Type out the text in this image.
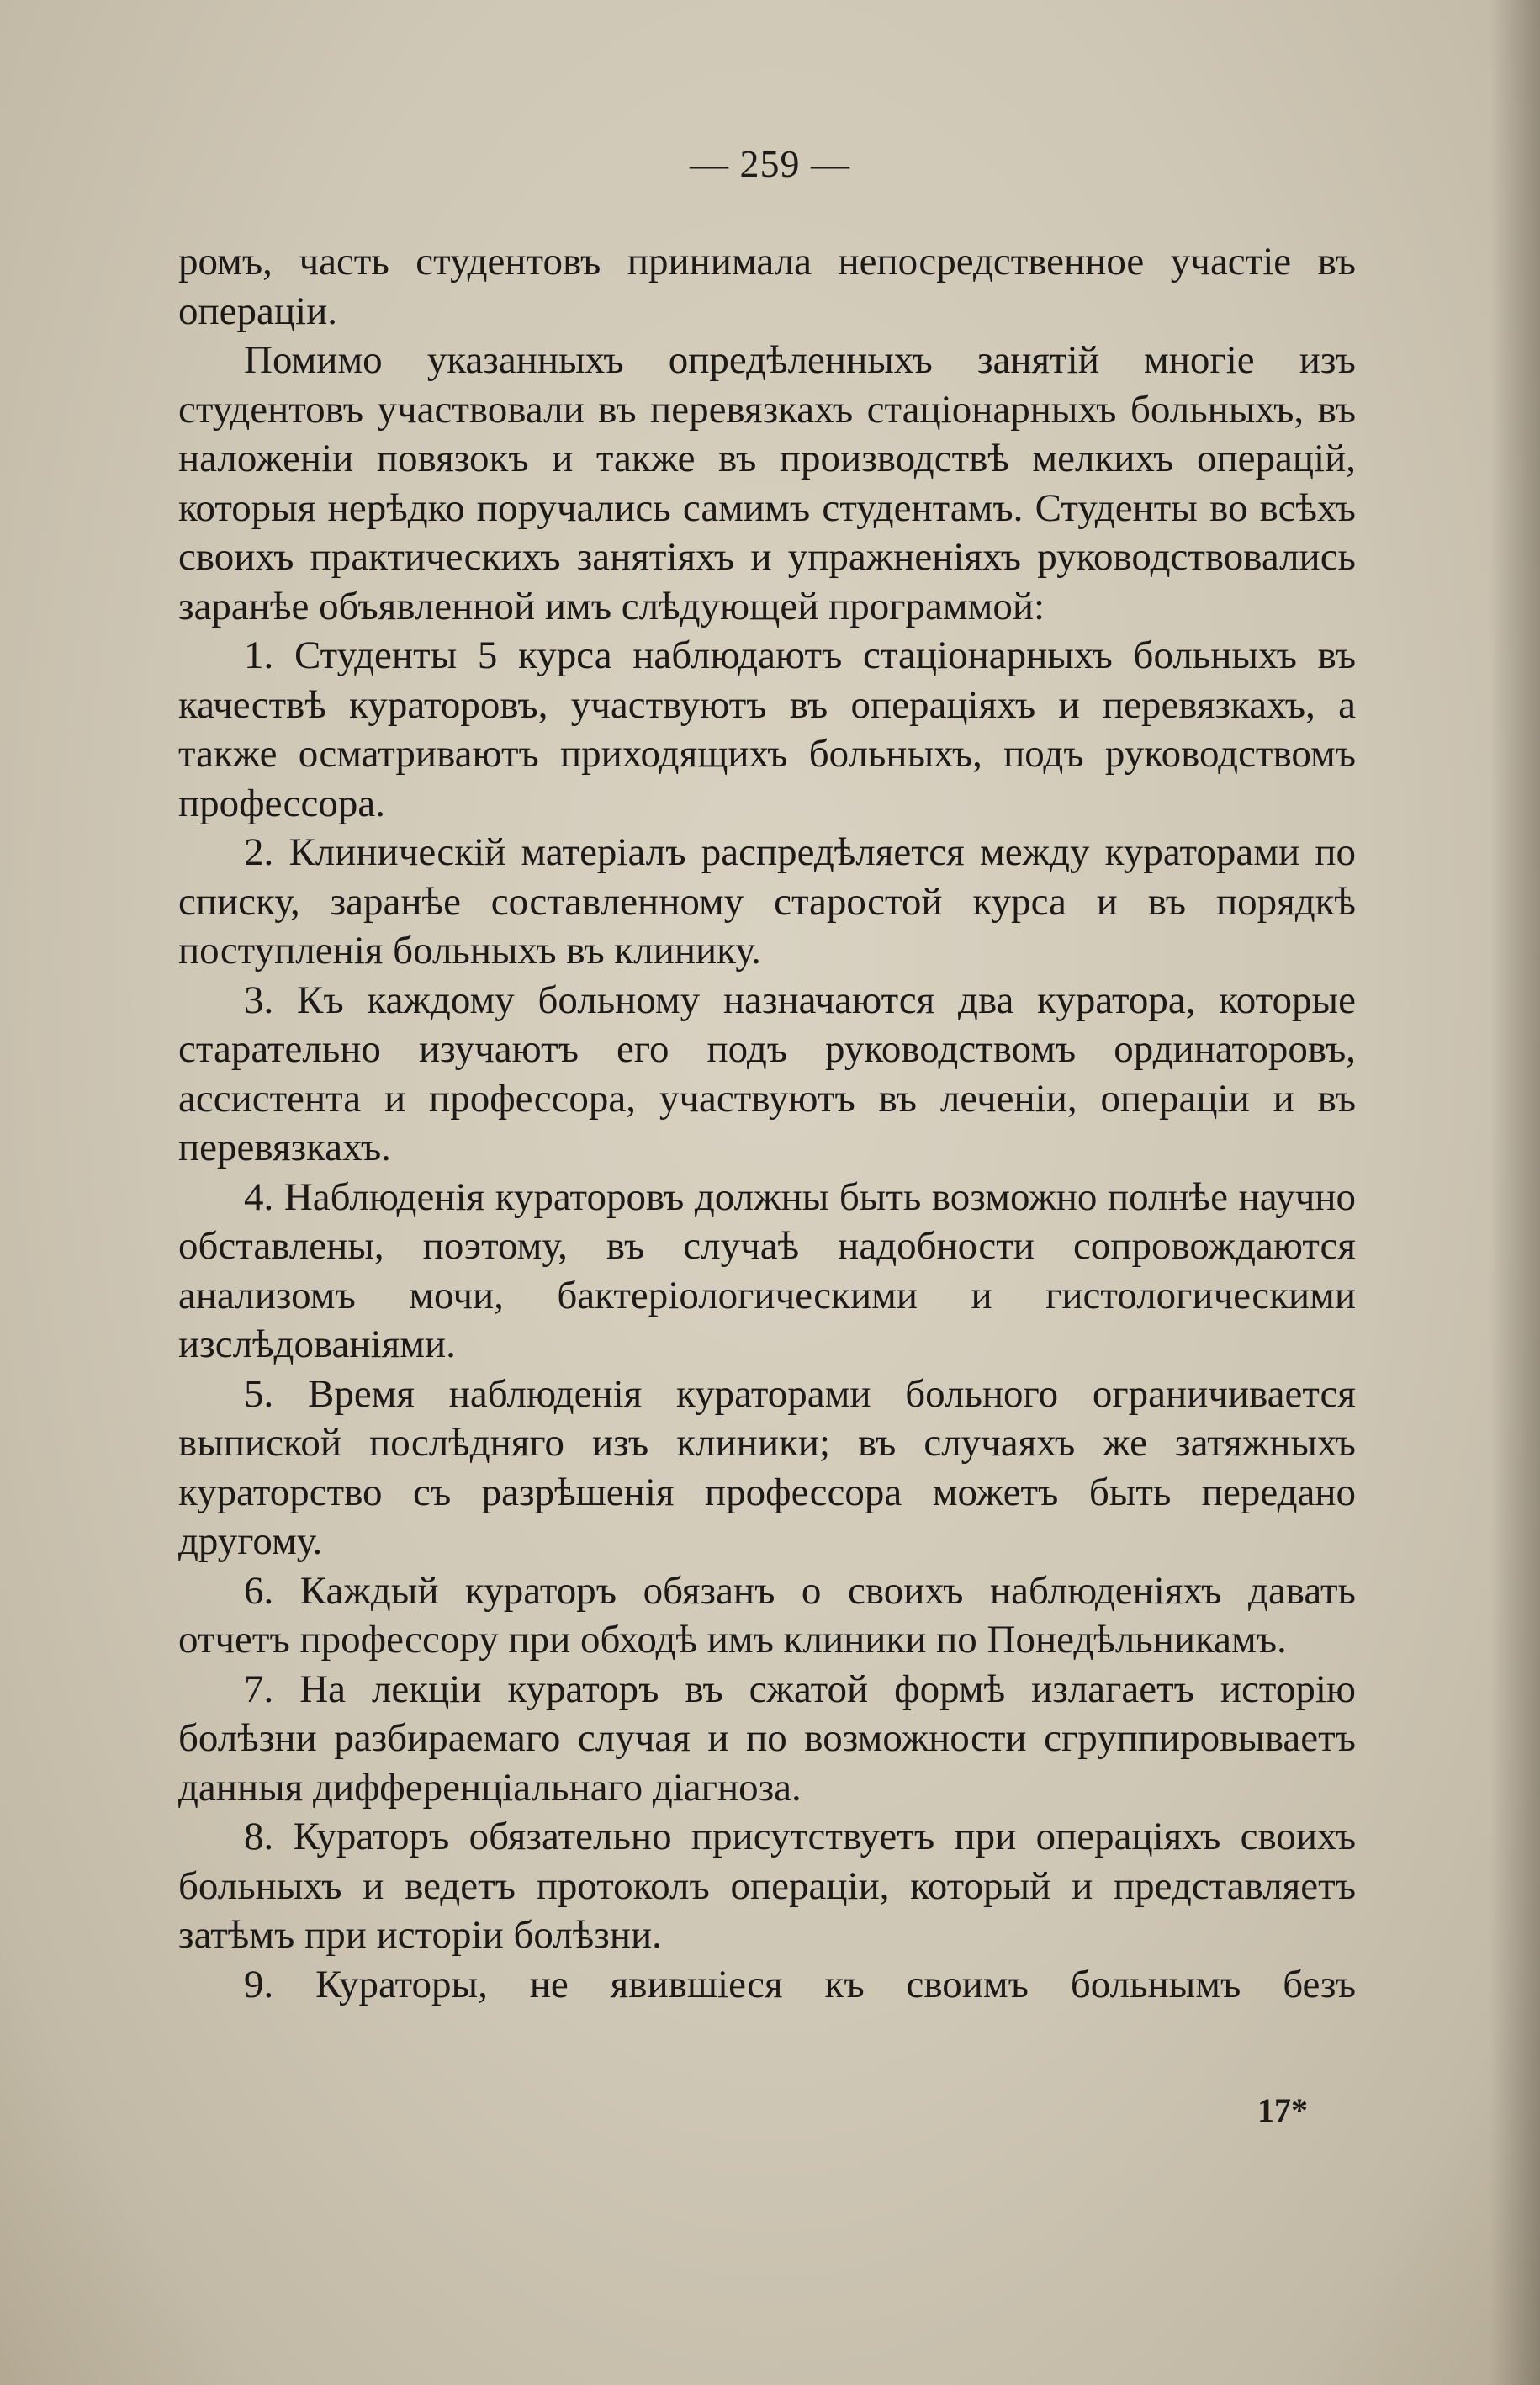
— 259 —

ромъ, часть студентовъ принимала непосредственное участіе въ операціи.

Помимо указанныхъ опредѣленныхъ занятій многіе изъ студентовъ участвовали въ перевязкахъ стаціонарныхъ больныхъ, въ наложеніи повязокъ и также въ производствѣ мелкихъ операцій, которыя нерѣдко поручались самимъ студентамъ. Студенты во всѣхъ своихъ практическихъ занятіяхъ и упражненіяхъ руководствовались заранѣе объявленной имъ слѣдующей программой:

1. Студенты 5 курса наблюдаютъ стаціонарныхъ больныхъ въ качествѣ кураторовъ, участвуютъ въ операціяхъ и перевязкахъ, а также осматриваютъ приходящихъ больныхъ, подъ руководствомъ профессора.

2. Клиническій матеріалъ распредѣляется между кураторами по списку, заранѣе составленному старостой курса и въ порядкѣ поступленія больныхъ въ клинику.

3. Къ каждому больному назначаются два куратора, которые старательно изучаютъ его подъ руководствомъ ординаторовъ, ассистента и профессора, участвуютъ въ леченіи, операціи и въ перевязкахъ.

4. Наблюденія кураторовъ должны быть возможно полнѣе научно обставлены, поэтому, въ случаѣ надобности сопровождаются анализомъ мочи, бактеріологическими и гистологическими изслѣдованіями.

5. Время наблюденія кураторами больного ограничивается выпиской послѣдняго изъ клиники; въ случаяхъ же затяжныхъ кураторство съ разрѣшенія профессора можетъ быть передано другому.

6. Каждый кураторъ обязанъ о своихъ наблюденіяхъ давать отчетъ профессору при обходѣ имъ клиники по Понедѣльникамъ.

7. На лекціи кураторъ въ сжатой формѣ излагаетъ исторію болѣзни разбираемаго случая и по возможности сгруппировываетъ данныя дифференціальнаго діагноза.

8. Кураторъ обязательно присутствуетъ при операціяхъ своихъ больныхъ и ведетъ протоколъ операціи, который и представляетъ затѣмъ при исторіи болѣзни.

9. Кураторы, не явившіеся къ своимъ больнымъ безъ

17*
